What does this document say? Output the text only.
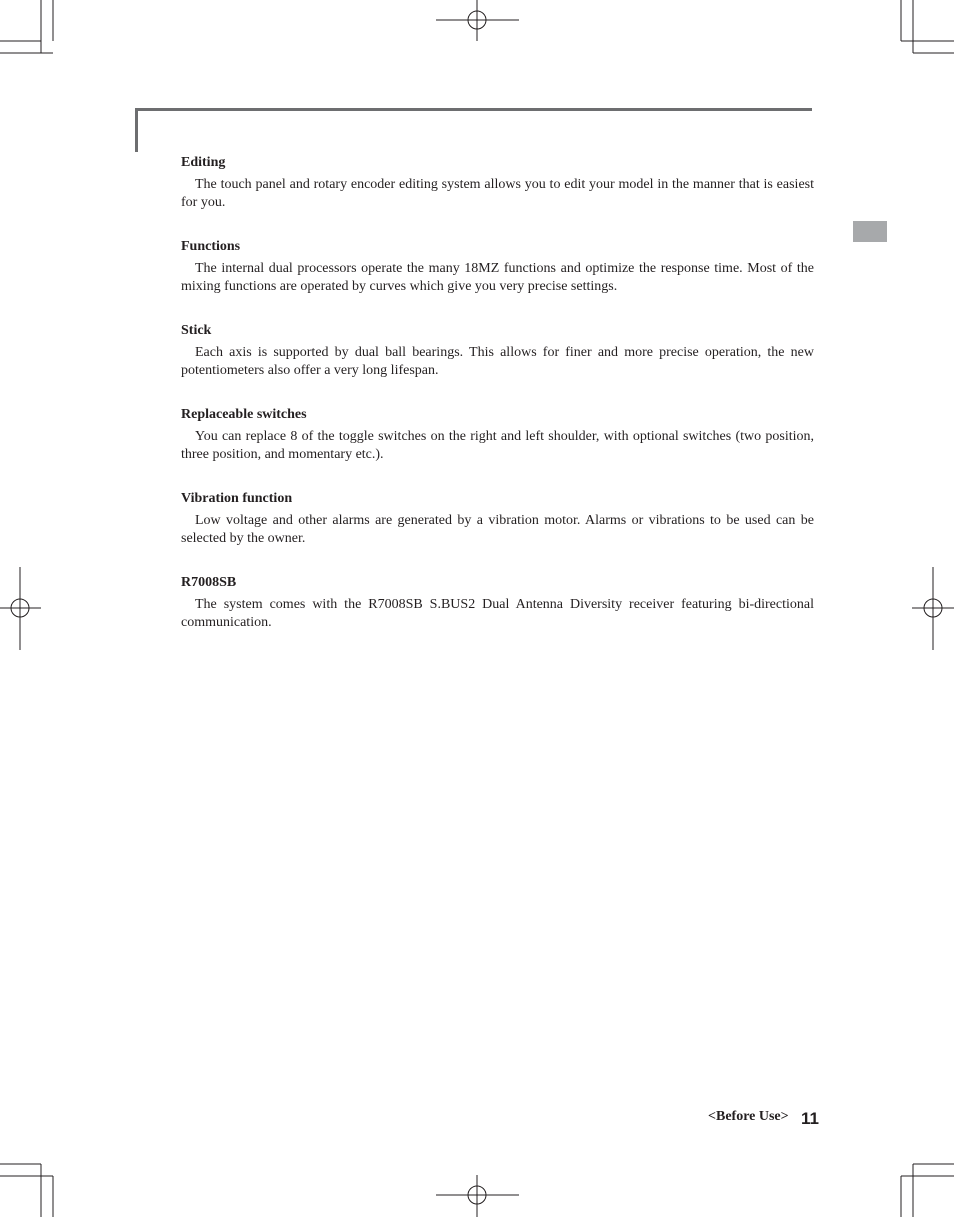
Editing

The touch panel and rotary encoder editing system allows you to edit your model in the manner that is easiest for you.

Functions

The internal dual processors operate the many 18MZ functions and optimize the response time. Most of the mixing functions are operated by curves which give you very precise settings.

Stick

Each axis is supported by dual ball bearings. This allows for finer and more precise operation, the new potentiometers also offer a very long lifespan.

Replaceable switches

You can replace 8 of the toggle switches on the right and left shoulder, with optional switches (two position, three position, and momentary etc.).

Vibration function

Low voltage and other alarms are generated by a vibration motor. Alarms or vibrations to be used can be selected by the owner.

R7008SB

The system comes with the R7008SB S.BUS2 Dual Antenna Diversity receiver featuring bi-directional communication.

<Before Use> 11
